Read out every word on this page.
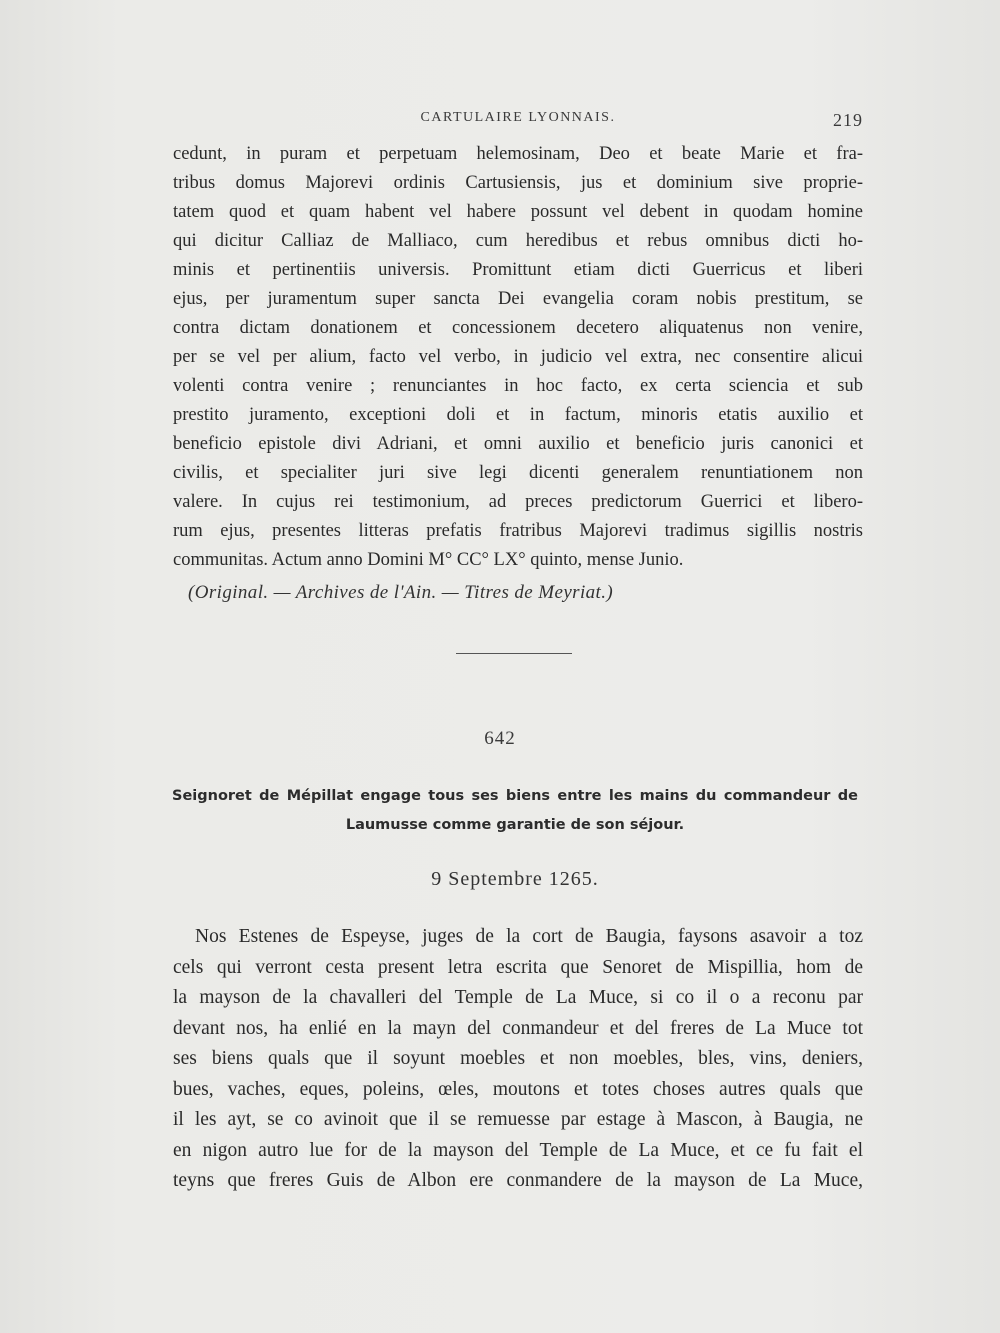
CARTULAIRE LYONNAIS.	219
cedunt, in puram et perpetuam helemosinam, Deo et beate Marie et fra-
tribus domus Majorevi ordinis Cartusiensis, jus et dominium sive proprie-
tatem quod et quam habent vel habere possunt vel debent in quodam homine
qui dicitur Calliaz de Malliaco, cum heredibus et rebus omnibus dicti ho-
minis et pertinentiis universis. Promittunt etiam dicti Guerricus et liberi
ejus, per juramentum super sancta Dei evangelia coram nobis prestitum, se
contra dictam donationem et concessionem decetero aliquatenus non venire,
per se vel per alium, facto vel verbo, in judicio vel extra, nec consentire alicui
volenti contra venire ; renunciantes in hoc facto, ex certa sciencia et sub
prestito juramento, exceptioni doli et in factum, minoris etatis auxilio et
beneficio epistole divi Adriani, et omni auxilio et beneficio juris canonici et
civilis, et specialiter juri sive legi dicenti generalem renuntiationem non
valere. In cujus rei testimonium, ad preces predictorum Guerrici et libero-
rum ejus, presentes litteras prefatis fratribus Majorevi tradimus sigillis nostris
communitas. Actum anno Domini M° CC° LX° quinto, mense Junio.
(Original. — Archives de l'Ain. — Titres de Meyriat.)
642
Seignoret de Mépillat engage tous ses biens entre les mains du commandeur de
Laumusse comme garantie de son séjour.
9 Septembre 1265.
Nos Estenes de Espeyse, juges de la cort de Baugia, faysons asavoir a toz
cels qui verront cesta present letra escrita que Senoret de Mispillia, hom de
la mayson de la chavalleri del Temple de La Muce, si co il o a reconu par
devant nos, ha enlié en la mayn del conmandeur et del freres de La Muce tot
ses biens quals que il soyunt moebles et non moebles, bles, vins, deniers,
bues, vaches, eques, poleins, œles, moutons et totes choses autres quals que
il les ayt, se co avinoit que il se remuesse par estage à Mascon, à Baugia, ne
en nigon autro lue for de la mayson del Temple de La Muce, et ce fu fait el
teyns que freres Guis de Albon ere conmandere de la mayson de La Muce,
